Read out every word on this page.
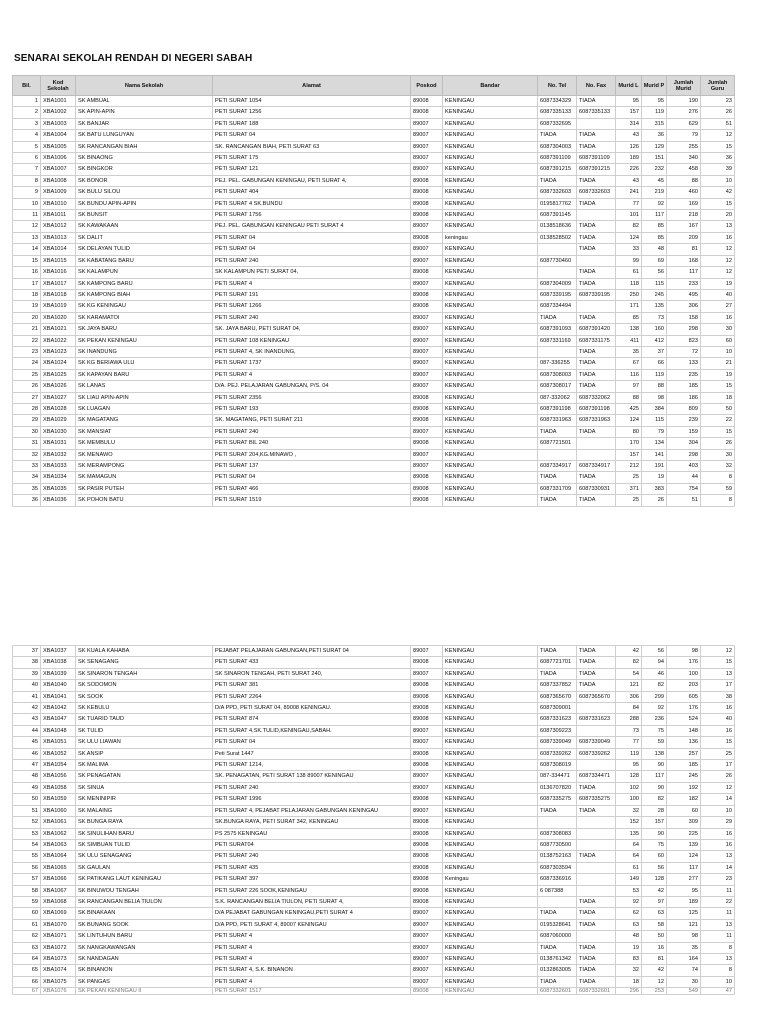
SENARAI SEKOLAH RENDAH DI NEGERI SABAH
Bil.	Kod Sekolah	Nama Sekolah	Alamat	Poskod	Bandar	No. Tel	No. Fax	Murid L	Murid P	Jumlah Murid	Jumlah Guru
1	XBA1001	SK AMBUAL	PETI SURAT 1054	89008	KENINGAU	6087334329	TIADA	95	95	190	23
2	XBA1002	SK APIN-APIN	PETI SURAT 1256	89008	KENINGAU	6087335133	6087335133	157	119	276	26
3	XBA1003	SK BANJAR	PETI SURAT 188	89007	KENINGAU	6087332695		314	315	629	51
4	XBA1004	SK BATU LUNGUYAN	PETI SURAT 04	89007	KENINGAU	TIADA	TIADA	43	36	79	12
5	XBA1005	SK RANCANGAN BIAH	SK. RANCANGAN BIAH, PETI SURAT 63	89007	KENINGAU	6087304003	TIADA	126	129	255	15
6	XBA1006	SK BINAONG	PETI SURAT 175	89007	KENINGAU	6087391109	6087391109	189	151	340	36
7	XBA1007	SK BINGKOR	PETI SURAT 121	89007	KENINGAU	6087391215	6087391215	226	232	458	39
8	XBA1008	SK BONOR	PEJ. PEL. GABUNGAN KENINGAU, PETI SURAT 4,	89008	KENINGAU	TIADA	TIADA	43	45	88	10
9	XBA1009	SK BULU SILOU	PETI SURAT 404	89008	KENINGAU	6087332603	6087332603	241	219	460	42
10	XBA1010	SK BUNDU APIN-APIN	PETI SURAT 4 SK.BUNDU	89008	KENINGAU	0195817762	TIADA	77	92	169	15
11	XBA1011	SK BUNSIT	PETI SURAT 1756	89008	KENINGAU	6087391145		101	117	218	20
12	XBA1012	SK KAWAKAAN	PEJ. PEL. GABUNGAN KENINGAU PETI SURAT 4	89007	KENINGAU	0138518636	TIADA	82	85	167	13
13	XBA1013	SK DALIT	PETI SURAT 04	89008	keningau	0138528502	TIADA	124	85	209	16
14	XBA1014	SK DELAYAN TULID	PETI SURAT 04	89007	KENINGAU		TIADA	33	48	81	12
15	XBA1015	SK KABATANG BARU	PETI SURAT 240	89007	KENINGAU	6087730460		99	69	168	12
16	XBA1016	SK KALAMPUN	SK KALAMPUN PETI SURAT 04,	89008	KENINGAU		TIADA	61	56	117	12
17	XBA1017	SK KAMPONG BARU	PETI SURAT 4	89007	KENINGAU	6087304009	TIADA	118	115	233	19
18	XBA1018	SK KAMPONG BIAH	PETI SURAT 191	89008	KENINGAU	6087339195	6087339195	250	245	495	40
19	XBA1019	SK KG KENINGAU	PETI SURAT 1266	89008	KENINGAU	6087334494		171	135	306	27
20	XBA1020	SK KARAMATOI	PETI SURAT 240	89007	KENINGAU	TIADA	TIADA	85	73	158	16
21	XBA1021	SK JAYA BARU	SK. JAYA BARU, PETI SURAT 04,	89007	KENINGAU	6087391093	6087391420	138	160	298	30
22	XBA1022	SK PEKAN KENINGAU	PETI SURAT 108 KENINGAU	89007	KENINGAU	6087331169	6087331175	411	412	823	60
23	XBA1023	SK INANDUNG	PETI SURAT 4, SK INANDUNG,	89007	KENINGAU		TIADA	35	37	72	10
24	XBA1024	SK KG BERIAWA ULU	PETI SURAT 1737	89007	KENINGAU	087-336255	TIADA	67	66	133	21
25	XBA1025	SK KAPAYAN BARU	PETI SURAT 4	89007	KENINGAU	6087308003	TIADA	116	119	235	19
26	XBA1026	SK LANAS	D/A. PEJ. PELAJARAN GABUNGAN, P/S. 04	89007	KENINGAU	6087308017	TIADA	97	88	185	15
27	XBA1027	SK LIAU APIN-APIN	PETI SURAT 2356	89008	KENINGAU	087-332062	6087332062	88	98	186	18
28	XBA1028	SK LUAGAN	PETI SURAT 193	89008	KENINGAU	6087391198	6087391198	425	384	809	50
29	XBA1029	SK MAGATANG	SK. MAGATANG, PETI SURAT 211	89008	KENINGAU	6087331963	6087331963	124	115	239	22
30	XBA1030	SK MANSIAT	PETI SURAT 240	89007	KENINGAU	TIADA	TIADA	80	79	159	15
31	XBA1031	SK MEMBULU	PETI SURAT BIL 240	89008	KENINGAU	6087721501		170	134	304	26
32	XBA1032	SK MENAWO	PETI SURAT 204,KG.MINAWO ,	89007	KENINGAU			157	141	298	30
33	XBA1033	SK MERAMPONG	PETI SURAT 137	89007	KENINGAU	6087334917	6087334917	212	191	403	32
34	XBA1034	SK MAMAGUN	PETI SURAT 04	89008	KENINGAU	TIADA	TIADA	25	19	44	8
35	XBA1035	SK PASIR PUTEH	PETI SURAT 466	89008	KENINGAU	6087331709	6087330931	371	383	754	59
36	XBA1036	SK POHON BATU	PETI SURAT 1519	89008	KENINGAU	TIADA	TIADA	25	26	51	8
37	XBA1037	SK KUALA KAHABA	PEJABAT PELAJARAN GABUNGAN,PETI SURAT 04	89007	KENINGAU	TIADA	TIADA	42	56	98	12
38	XBA1038	SK SENAGANG	PETI SURAT 433	89008	KENINGAU	6087721701	TIADA	82	94	176	15
39	XBA1039	SK SINARON TENGAH	SK SINARON TENGAH, PETI SURAT 240,	89007	KENINGAU	TIADA	TIADA	54	46	100	13
40	XBA1040	SK SODOMON	PETI SURAT 381	89008	KENINGAU	6087337852	TIADA	121	82	203	17
41	XBA1041	SK SOOK	PETI SURAT 2264	89008	KENINGAU	6087365670	6087365670	306	299	605	38
42	XBA1042	SK KEBULU	D/A PPD, PETI SURAT 04, 89008 KENINGAU.	89008	KENINGAU	6087309001		84	92	176	16
43	XBA1047	SK TUARID TAUD	PETI SURAT 874	89008	KENINGAU	6087331623	6087331623	288	236	524	40
44	XBA1048	SK TULID	PETI SURAT 4,SK.TULID,KENINGAU,SABAH.	89007	KENINGAU	6087309223		73	75	148	16
45	XBA1051	SK ULU LIAWAN	PETI SURAT 04	89007	KENINGAU	6087339049	6087339049	77	59	136	15
46	XBA1052	SK ANSIP	Peti Surat 1447	89008	KENINGAU	6087339262	6087339262	119	138	257	25
47	XBA1054	SK MALIMA	PETI SURAT 1214,	89008	KENINGAU	6087308019		95	90	185	17
48	XBA1056	SK PENAGATAN	SK. PENAGATAN, PETI SURAT 138 89007 KENINGAU	89007	KENINGAU	087-334471	6087334471	128	117	245	26
49	XBA1058	SK SINUA	PETI SURAT 240	89007	KENINGAU	0136707820	TIADA	102	90	192	12
50	XBA1059	SK MENINIPIR	PETI SURAT 1996	89008	KENINGAU	6087335275	6087335275	100	82	182	14
51	XBA1060	SK MALAING	PETI SURAT 4, PEJABAT PELAJARAN GABUNGAN KENINGAU	89007	KENINGAU	TIADA	TIADA	32	28	60	10
52	XBA1061	SK BUNGA RAYA	SK.BUNGA RAYA, PETI SURAT 342, KENINGAU	89008	KENINGAU			152	157	309	29
53	XBA1062	SK SINULIHAN BARU	PS 2575 KENINGAU	89008	KENINGAU	6087308083		135	90	225	16
54	XBA1063	SK SIMBUAN TULID	PETI SURAT04	89008	KENINGAU	6087730500		64	75	139	16
55	XBA1064	SK ULU SENAGANG	PETI SURAT 240	89008	KENINGAU	0138752163	TIADA	64	60	124	13
56	XBA1065	SK GAULAN	PETI SURAT 435	89008	KENINGAU	6087303594		61	56	117	14
57	XBA1066	SK PATIKANG LAUT KENINGAU	PETI SURAT 397	89008	Keningau	6087336916		149	128	277	23
58	XBA1067	SK BINUWOU TENGAH	PETI SURAT 226 SOOK,KENINGAU	89008	KENINGAU	6 087388		53	42	95	11
59	XBA1068	SK RANCANGAN BELIA TIULON	S.K. RANCANGAN BELIA TIULON, PETI SURAT 4,	89008	KENINGAU		TIADA	92	97	189	22
60	XBA1069	SK BINAKAAN	D/A PEJABAT GABUNGAN KENINGAU,PETI SURAT 4	89007	KENINGAU	TIADA	TIADA	62	63	125	11
61	XBA1070	SK BUNANG SOOK	D/A PPD, PETI SURAT 4, 89007 KENINGAU	89007	KENINGAU	0195328641	TIADA	63	58	121	13
62	XBA1071	SK LINTUHUN BARU	PETI SURAT 4	89007	KENINGAU	6087060000		48	50	98	11
63	XBA1072	SK NANGKAWANGAN	PETI SURAT 4	89007	KENINGAU	TIADA	TIADA	19	16	35	8
64	XBA1073	SK NANDAGAN	PETI SURAT 4	89007	KENINGAU	0138761342	TIADA	83	81	164	13
65	XBA1074	SK BINANON	PETI SURAT 4, S.K. BINANON	89007	KENINGAU	0132863005	TIADA	32	42	74	8
66	XBA1075	SK PANGAS	PETI SURAT 4	89007	KENINGAU	TIADA	TIADA	18	12	30	10
67	XBA1076	SK PEKAN KENINGAU II	PETI SURAT 1517	89008	KENINGAU	6087332601	6087332601	296	253	549	47
